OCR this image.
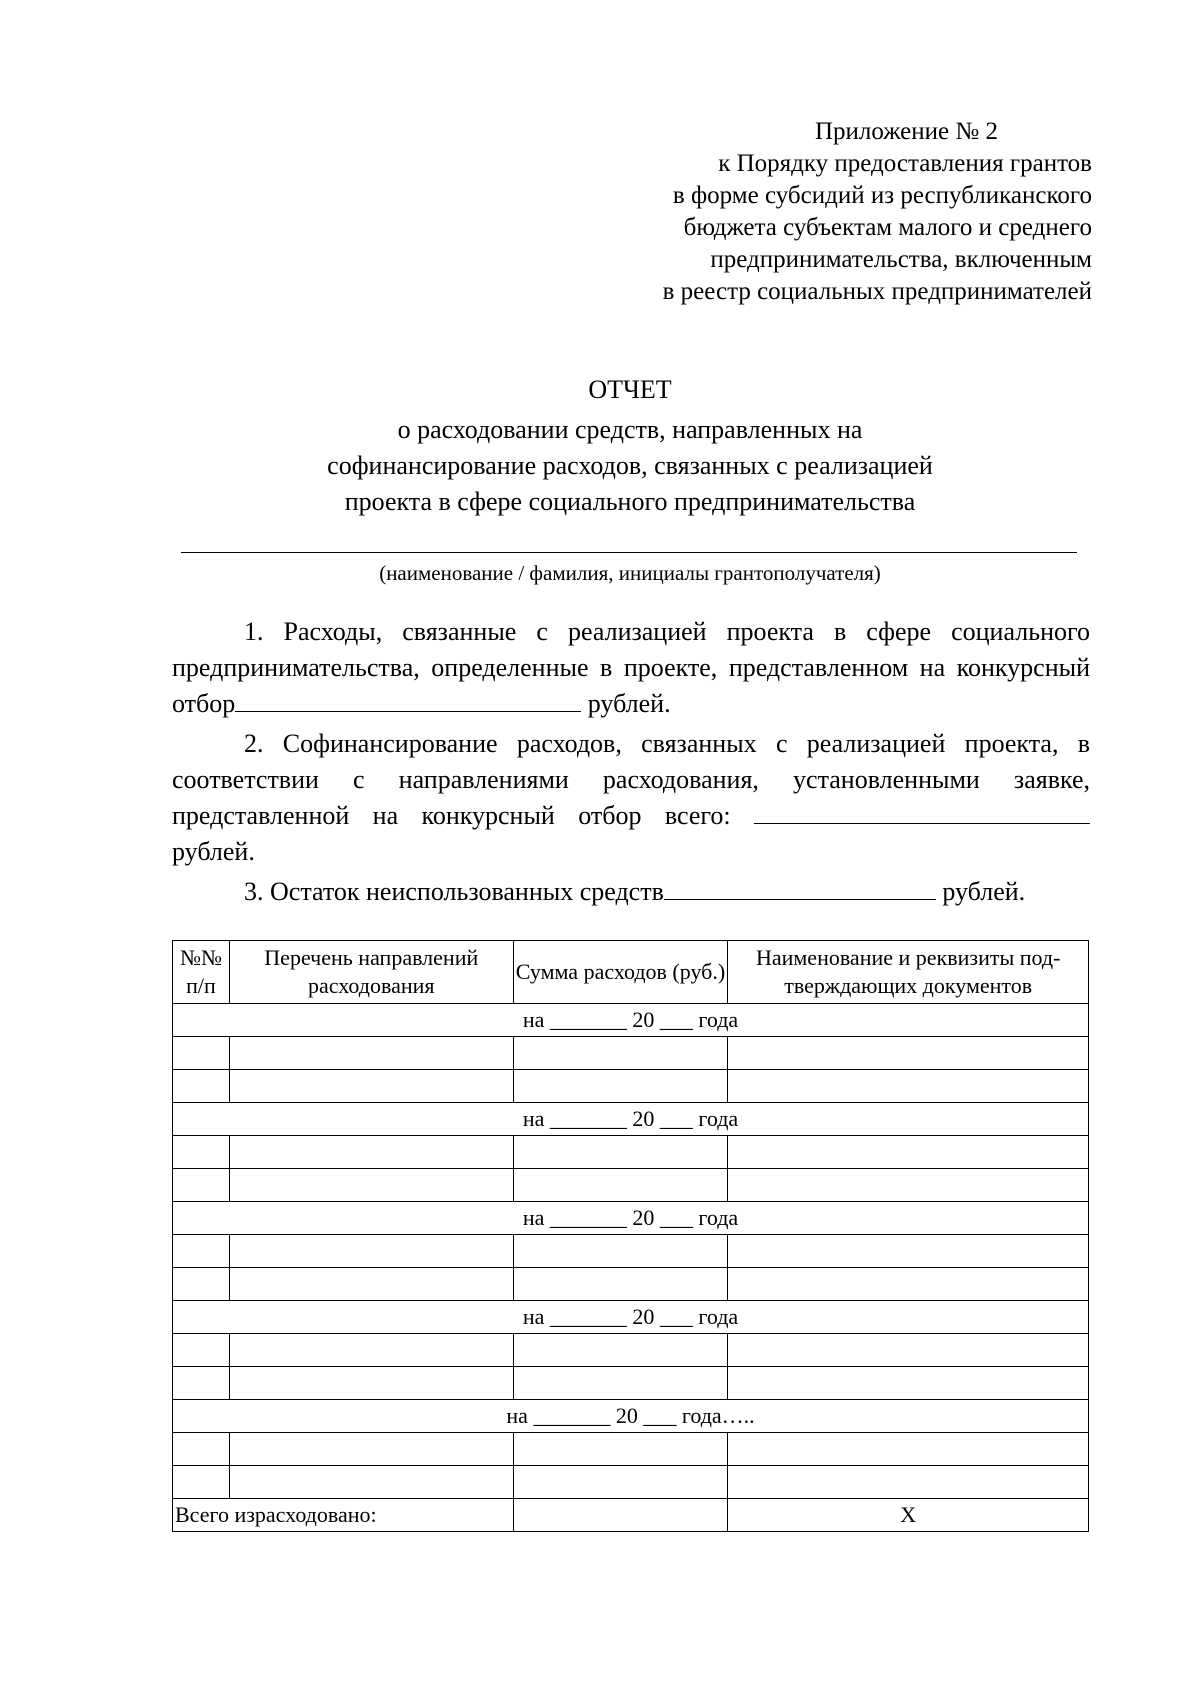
Приложение № 2
к Порядку предоставления грантов
в форме субсидий из республиканского
бюджета субъектам малого и среднего
предпринимательства, включенным
в реестр социальных предпринимателей
ОТЧЕТ
о расходовании средств, направленных на
софинансирование расходов, связанных с реализацией
проекта в сфере социального предпринимательства
(наименование / фамилия, инициалы грантополучателя)
1. Расходы, связанные с реализацией проекта в сфере социального предпринимательства, определенные в проекте, представленном на конкурсный отбор	рублей.
2. Софинансирование расходов, связанных с реализацией проекта, в соответствии с направлениями расходования, установленными заявке, представленной на конкурсный отбор всего:  рублей.
3. Остаток неиспользованных средств	рублей.
№№ п/п	Перечень направлений расходования	Сумма расходов (руб.)	Наименование и реквизиты подтверждающих документов
на _______ 20 ___ года			

на _______ 20 ___ года			

на _______ 20 ___ года			

на _______ 20 ___ года			

на _______ 20 ___ года…..			

Всего израсходовано:			Х
